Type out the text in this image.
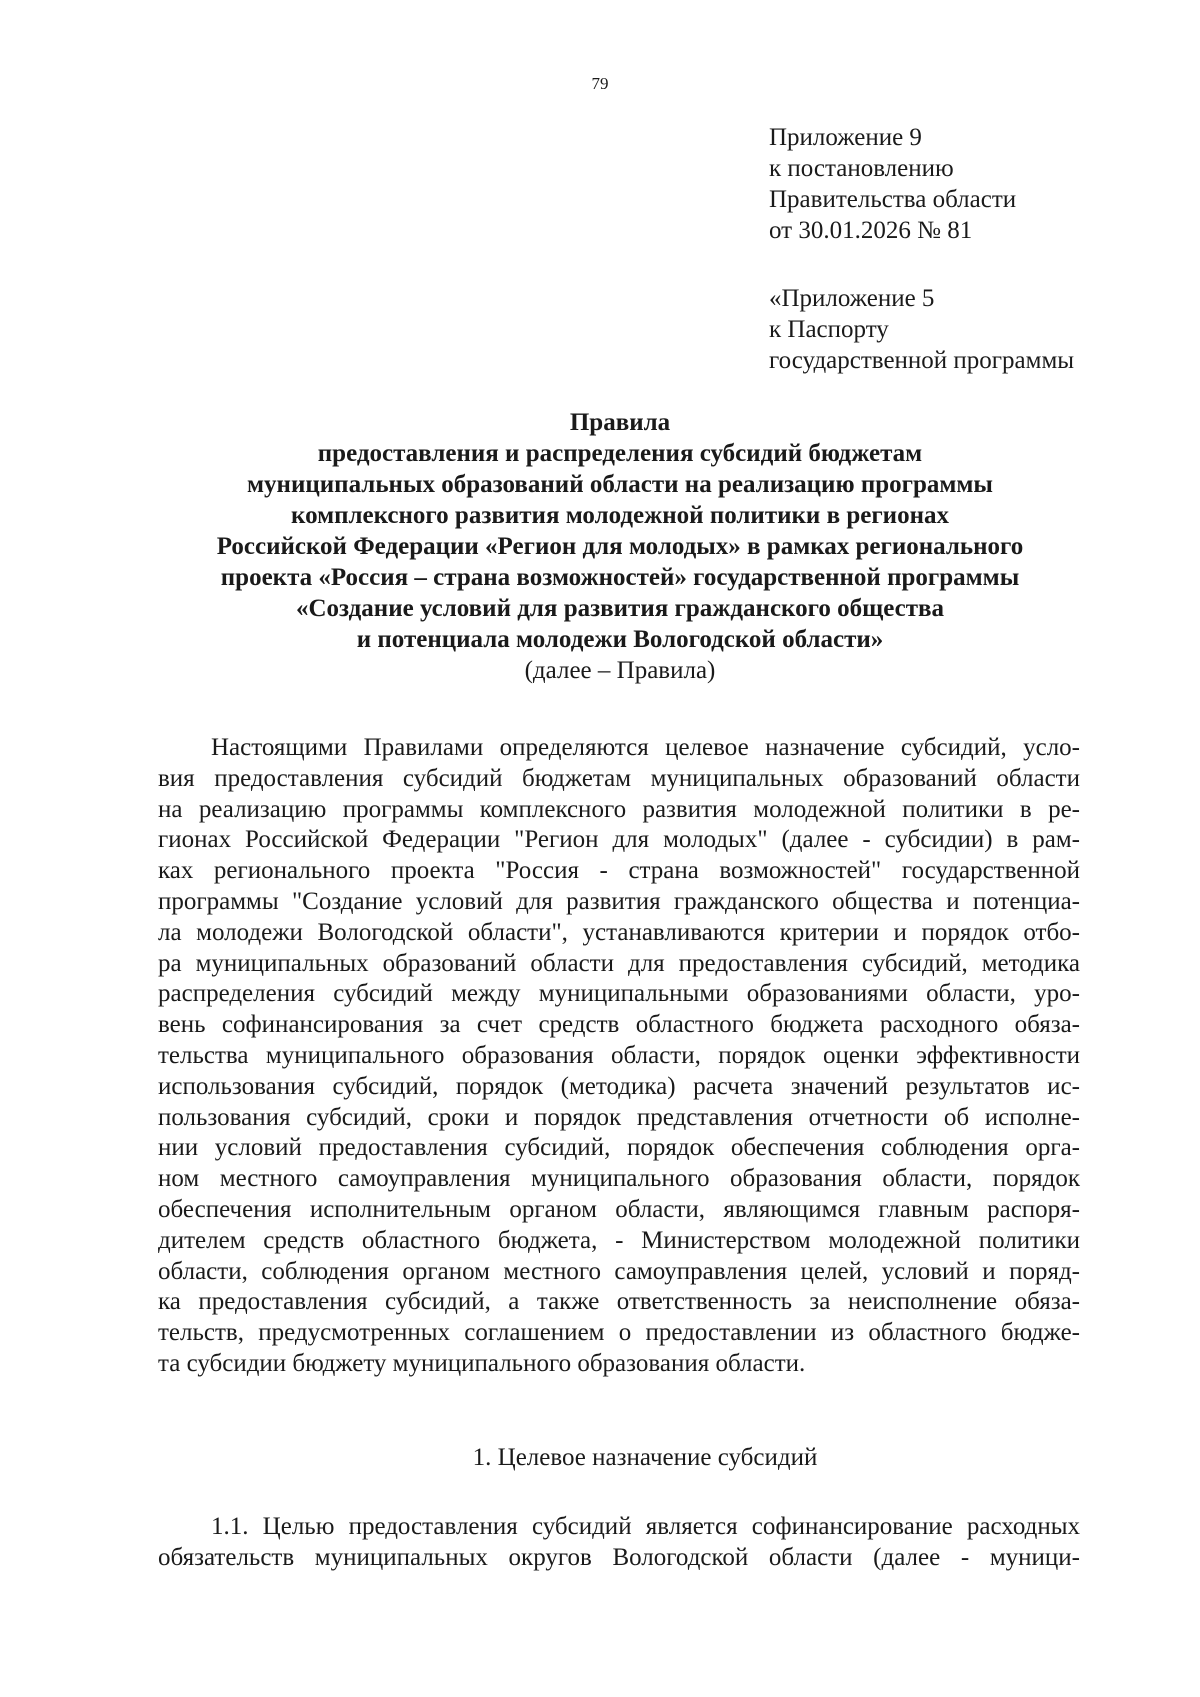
79
Приложение 9
к постановлению
Правительства области
от 30.01.2026 № 81
«Приложение 5
к Паспорту
государственной программы
Правила
предоставления и распределения субсидий бюджетам
муниципальных образований области на реализацию программы
комплексного развития молодежной политики в регионах
Российской Федерации «Регион для молодых» в рамках регионального
проекта «Россия – страна возможностей» государственной программы
«Создание условий для развития гражданского общества
и потенциала молодежи Вологодской области»
(далее – Правила)
Настоящими Правилами определяются целевое назначение субсидий, усло-
вия предоставления субсидий бюджетам муниципальных образований области
на реализацию программы комплексного развития молодежной политики в ре-
гионах Российской Федерации "Регион для молодых" (далее - субсидии) в рам-
ках регионального проекта "Россия - страна возможностей" государственной
программы "Создание условий для развития гражданского общества и потенциа-
ла молодежи Вологодской области", устанавливаются критерии и порядок отбо-
ра муниципальных образований области для предоставления субсидий, методика
распределения субсидий между муниципальными образованиями области, уро-
вень софинансирования за счет средств областного бюджета расходного обяза-
тельства муниципального образования области, порядок оценки эффективности
использования субсидий, порядок (методика) расчета значений результатов ис-
пользования субсидий, сроки и порядок представления отчетности об исполне-
нии условий предоставления субсидий, порядок обеспечения соблюдения орга-
ном местного самоуправления муниципального образования области, порядок
обеспечения исполнительным органом области, являющимся главным распоря-
дителем средств областного бюджета, - Министерством молодежной политики
области, соблюдения органом местного самоуправления целей, условий и поряд-
ка предоставления субсидий, а также ответственность за неисполнение обяза-
тельств, предусмотренных соглашением о предоставлении из областного бюдже-
та субсидии бюджету муниципального образования области.
1. Целевое назначение субсидий
1.1. Целью предоставления субсидий является софинансирование расходных
обязательств муниципальных округов Вологодской области (далее - муници-
